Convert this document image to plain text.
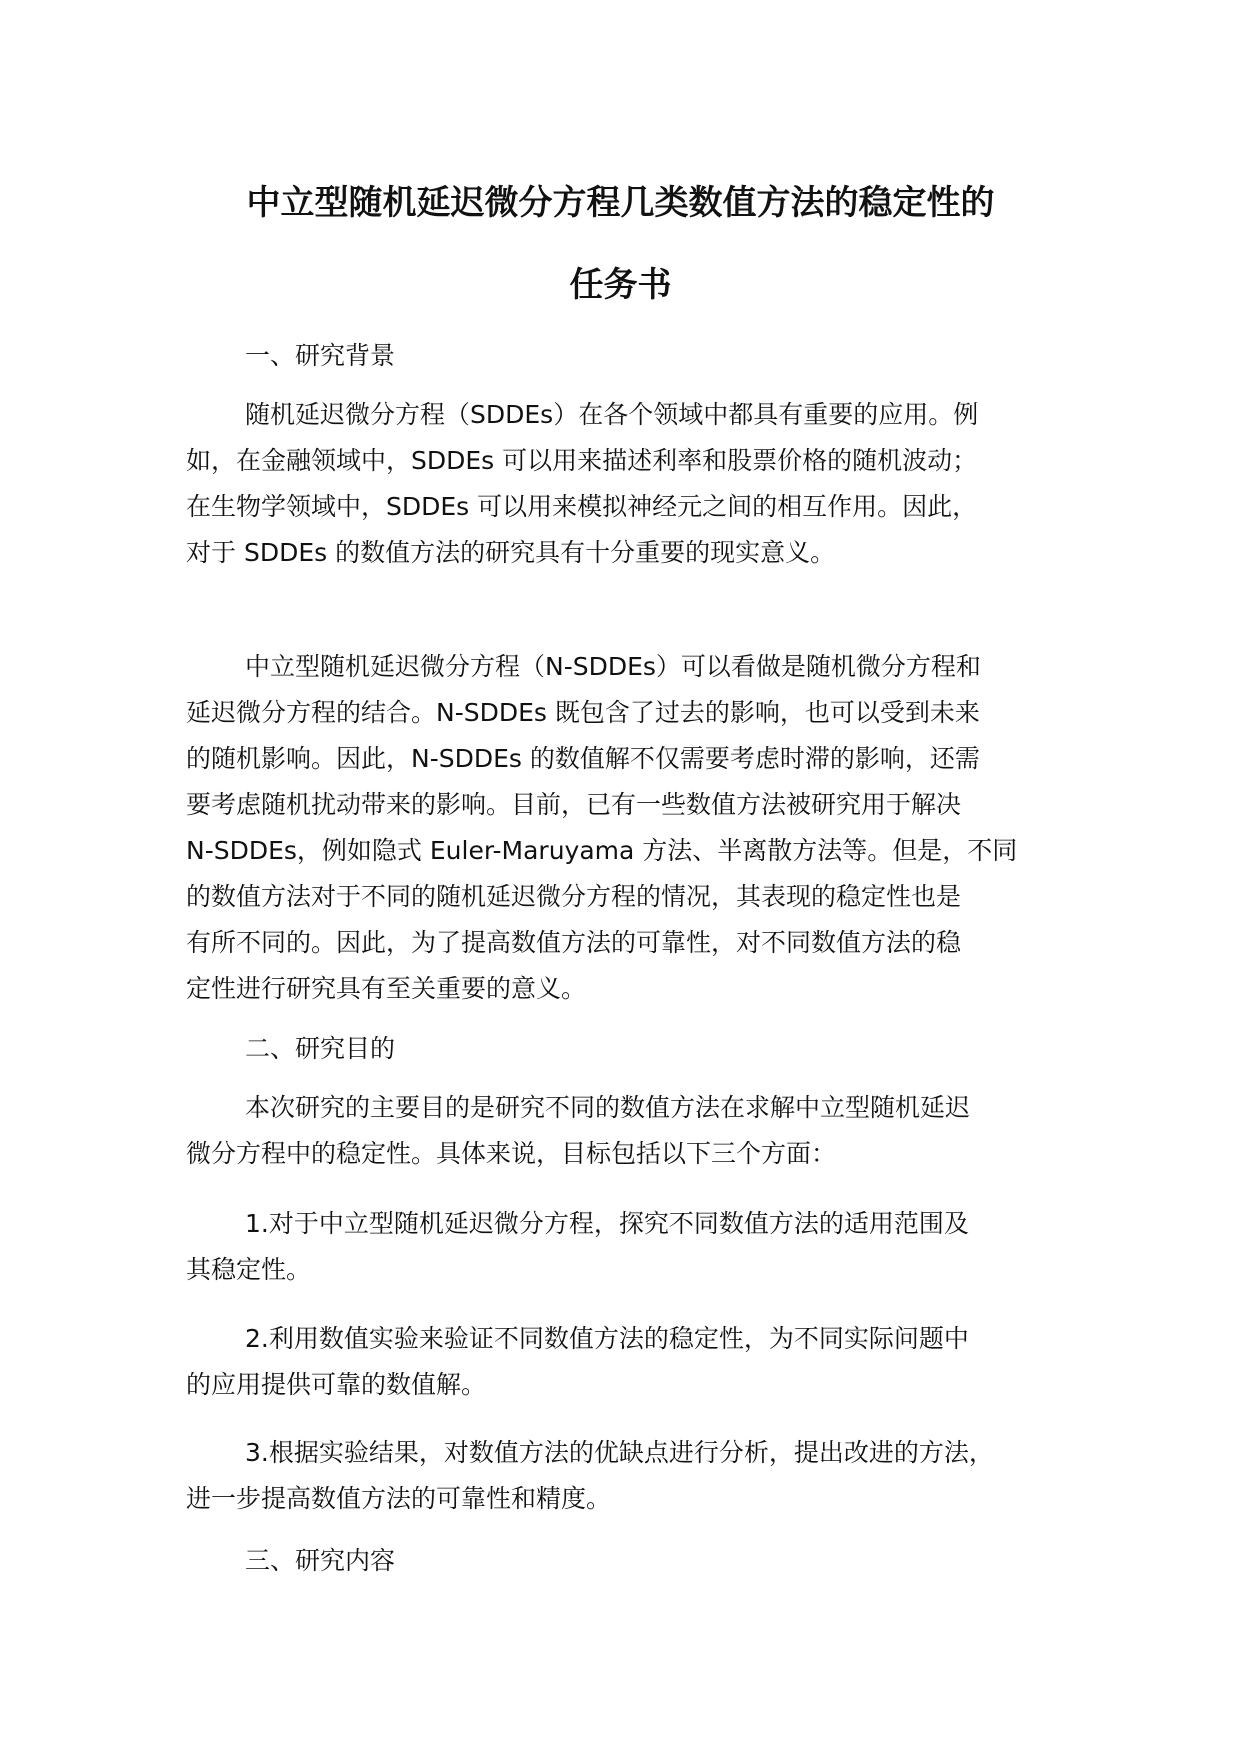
中立型随机延迟微分方程几类数值方法的稳定性的
任务书
一、研究背景
随机延迟微分方程（SDDEs）在各个领域中都具有重要的应用。例
如，在金融领域中，SDDEs 可以用来描述利率和股票价格的随机波动；
在生物学领域中，SDDEs 可以用来模拟神经元之间的相互作用。因此，
对于 SDDEs 的数值方法的研究具有十分重要的现实意义。
中立型随机延迟微分方程（N-SDDEs）可以看做是随机微分方程和
延迟微分方程的结合。N-SDDEs 既包含了过去的影响，也可以受到未来
的随机影响。因此，N-SDDEs 的数值解不仅需要考虑时滞的影响，还需
要考虑随机扰动带来的影响。目前，已有一些数值方法被研究用于解决
N-SDDEs，例如隐式 Euler-Maruyama 方法、半离散方法等。但是，不同
的数值方法对于不同的随机延迟微分方程的情况，其表现的稳定性也是
有所不同的。因此，为了提高数值方法的可靠性，对不同数值方法的稳
定性进行研究具有至关重要的意义。
二、研究目的
本次研究的主要目的是研究不同的数值方法在求解中立型随机延迟
微分方程中的稳定性。具体来说，目标包括以下三个方面：
1.对于中立型随机延迟微分方程，探究不同数值方法的适用范围及
其稳定性。
2.利用数值实验来验证不同数值方法的稳定性，为不同实际问题中
的应用提供可靠的数值解。
3.根据实验结果，对数值方法的优缺点进行分析，提出改进的方法，
进一步提高数值方法的可靠性和精度。
三、研究内容
